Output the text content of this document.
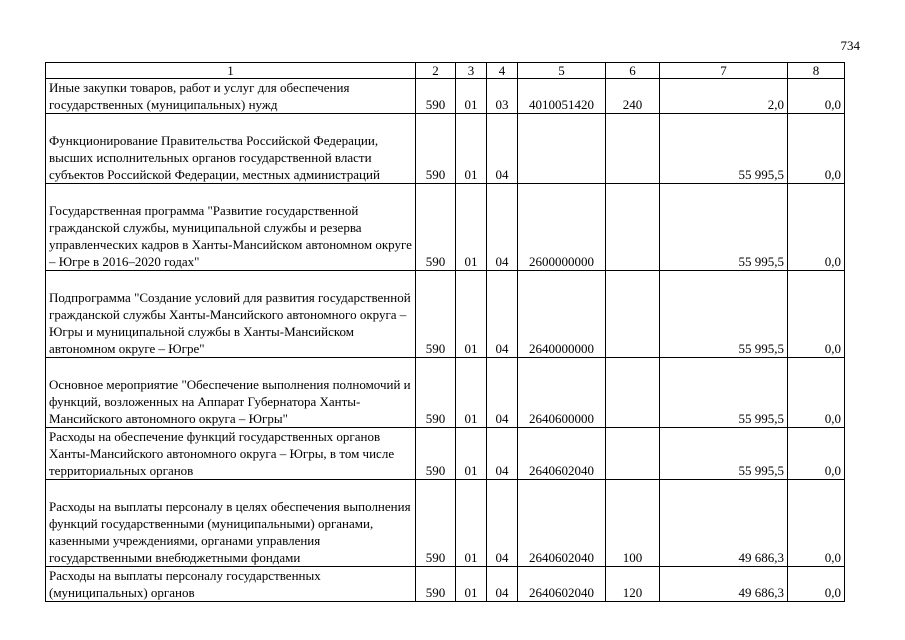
734
1	2	3	4	5	6	7	8
Иные закупки товаров, работ и услуг для обеспечения государственных (муниципальных) нужд	590	01	03	4010051420	240	2,0	0,0
Функционирование Правительства Российской Федерации, высших исполнительных органов государственной власти субъектов Российской Федерации, местных администраций	590	01	04			55 995,5	0,0
Государственная программа "Развитие государственной гражданской службы, муниципальной службы и резерва управленческих кадров в Ханты-Мансийском автономном округе – Югре в 2016–2020 годах"	590	01	04	2600000000		55 995,5	0,0
Подпрограмма "Создание условий для развития государственной гражданской службы Ханты-Мансийского автономного округа – Югры и муниципальной службы в Ханты-Мансийском автономном округе – Югре"	590	01	04	2640000000		55 995,5	0,0
Основное мероприятие "Обеспечение выполнения полномочий и функций, возложенных на Аппарат Губернатора Ханты-Мансийского автономного округа – Югры"	590	01	04	2640600000		55 995,5	0,0
Расходы на обеспечение функций государственных органов Ханты-Мансийского автономного округа – Югры, в том числе территориальных органов	590	01	04	2640602040		55 995,5	0,0
Расходы на выплаты персоналу в целях обеспечения выполнения функций государственными (муниципальными) органами, казенными учреждениями, органами управления государственными внебюджетными фондами	590	01	04	2640602040	100	49 686,3	0,0
Расходы на выплаты персоналу государственных (муниципальных) органов	590	01	04	2640602040	120	49 686,3	0,0
